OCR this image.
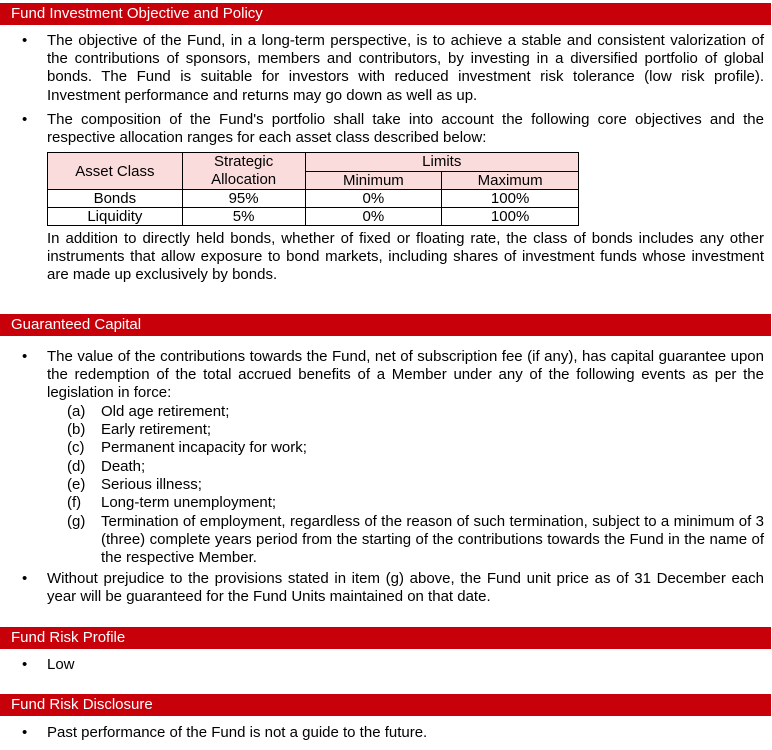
Fund Investment Objective and Policy
• The objective of the Fund, in a long-term perspective, is to achieve a stable and consistent valorization of the contributions of sponsors, members and contributors, by investing in a diversified portfolio of global bonds. The Fund is suitable for investors with reduced investment risk tolerance (low risk profile). Investment performance and returns may go down as well as up.
• The composition of the Fund's portfolio shall take into account the following core objectives and the respective allocation ranges for each asset class described below:
Asset Class	Strategic Allocation	Limits	
		Minimum	Maximum
Bonds	95%	0%	100%
Liquidity	5%	0%	100%
In addition to directly held bonds, whether of fixed or floating rate, the class of bonds includes any other instruments that allow exposure to bond markets, including shares of investment funds whose investment are made up exclusively by bonds.
Guaranteed Capital
• The value of the contributions towards the Fund, net of subscription fee (if any), has capital guarantee upon the redemption of the total accrued benefits of a Member under any of the following events as per the legislation in force:
(a) Old age retirement;
(b) Early retirement;
(c) Permanent incapacity for work;
(d) Death;
(e) Serious illness;
(f) Long-term unemployment;
(g) Termination of employment, regardless of the reason of such termination, subject to a minimum of 3 (three) complete years period from the starting of the contributions towards the Fund in the name of the respective Member.
• Without prejudice to the provisions stated in item (g) above, the Fund unit price as of 31 December each year will be guaranteed for the Fund Units maintained on that date.
Fund Risk Profile
• Low
Fund Risk Disclosure
• Past performance of the Fund is not a guide to the future.
